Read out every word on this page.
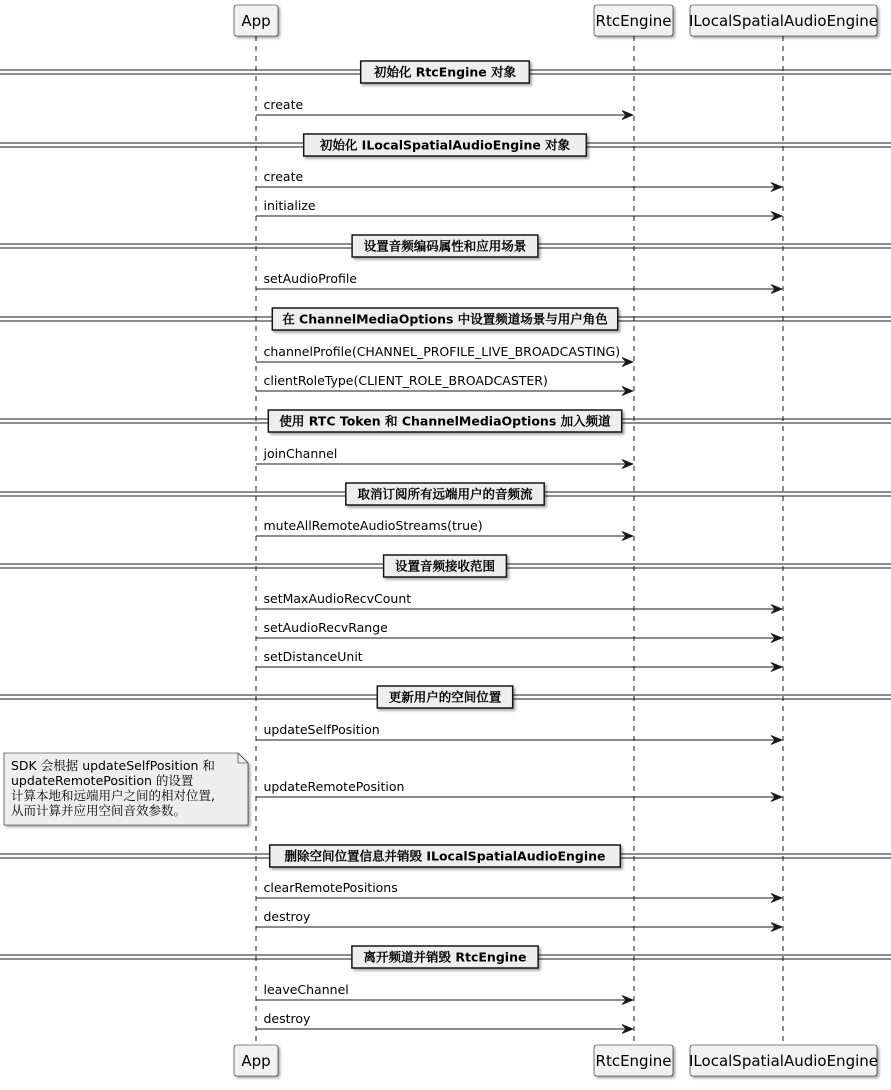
初始化 RtcEngine 对象
初始化 ILocalSpatialAudioEngine 对象
设置音频编码属性和应用场景
在 ChannelMediaOptions 中设置频道场景与用户角色
使用 RTC Token 和 ChannelMediaOptions 加入频道
取消订阅所有远端用户的音频流
设置音频接收范围
更新用户的空间位置
删除空间位置信息并销毁 ILocalSpatialAudioEngine
离开频道并销毁 RtcEngine
create
create
initialize
setAudioProfile
channelProfile(CHANNEL_PROFILE_LIVE_BROADCASTING)
clientRoleType(CLIENT_ROLE_BROADCASTER)
joinChannel
muteAllRemoteAudioStreams(true)
setMaxAudioRecvCount
setAudioRecvRange
setDistanceUnit
updateSelfPosition
updateRemotePosition
clearRemotePositions
destroy
leaveChannel
destroy
SDK 会根据 updateSelfPosition 和
updateRemotePosition 的设置
计算本地和远端用户之间的相对位置,
从而计算并应用空间音效参数。
App	RtcEngine ILocalSpatialAudioEngine
App	RtcEngine ILocalSpatialAudioEngine
